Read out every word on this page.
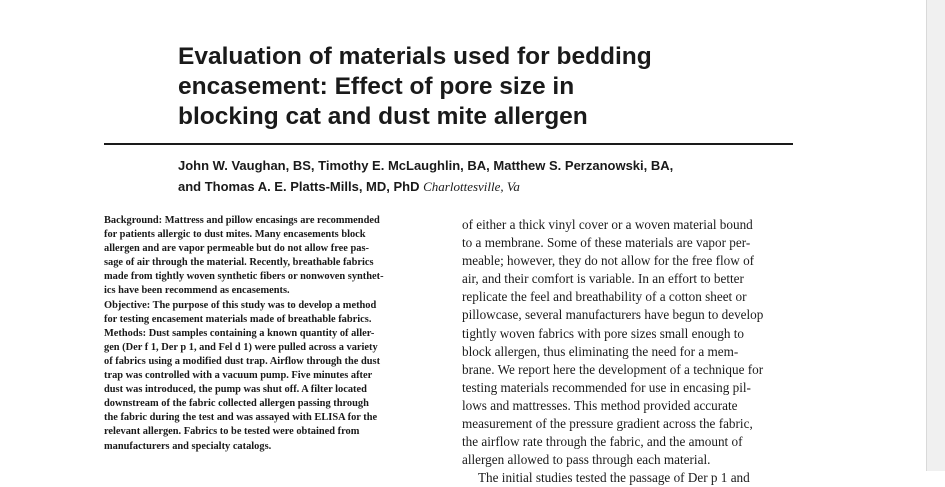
Evaluation of materials used for bedding
encasement: Effect of pore size in
blocking cat and dust mite allergen
John W. Vaughan, BS, Timothy E. McLaughlin, BA, Matthew S. Perzanowski, BA,
and Thomas A. E. Platts-Mills, MD, PhD Charlottesville, Va
Background: Mattress and pillow encasings are recommended
for patients allergic to dust mites. Many encasements block
allergen and are vapor permeable but do not allow free pas-
sage of air through the material. Recently, breathable fabrics
made from tightly woven synthetic fibers or nonwoven synthet-
ics have been recommend as encasements.
Objective: The purpose of this study was to develop a method
for testing encasement materials made of breathable fabrics.
Methods: Dust samples containing a known quantity of aller-
gen (Der f 1, Der p 1, and Fel d 1) were pulled across a variety
of fabrics using a modified dust trap. Airflow through the dust
trap was controlled with a vacuum pump. Five minutes after
dust was introduced, the pump was shut off. A filter located
downstream of the fabric collected allergen passing through
the fabric during the test and was assayed with ELISA for the
relevant allergen. Fabrics to be tested were obtained from
manufacturers and specialty catalogs.
of either a thick vinyl cover or a woven material bound
to a membrane. Some of these materials are vapor per-
meable; however, they do not allow for the free flow of
air, and their comfort is variable. In an effort to better
replicate the feel and breathability of a cotton sheet or
pillowcase, several manufacturers have begun to develop
tightly woven fabrics with pore sizes small enough to
block allergen, thus eliminating the need for a mem-
brane. We report here the development of a technique for
testing materials recommended for use in encasing pil-
lows and mattresses. This method provided accurate
measurement of the pressure gradient across the fabric,
the airflow rate through the fabric, and the amount of
allergen allowed to pass through each material.
The initial studies tested the passage of Der p 1 and
